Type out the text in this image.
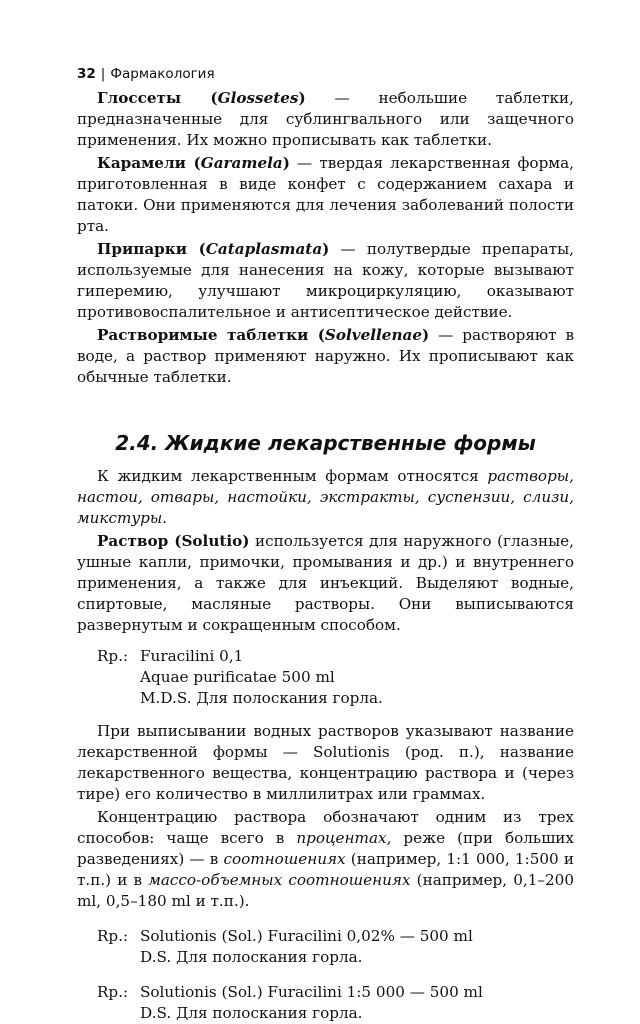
32 | Фармакология

Глоссеты (Glossetes) — небольшие таблетки, предназначенные для сублингвального или защечного применения. Их можно прописывать как таблетки.

Карамели (Garamela) — твердая лекарственная форма, приготовленная в виде конфет с содержанием сахара и патоки. Они применяются для лечения заболеваний полости рта.

Припарки (Cataplasmata) — полутвердые препараты, используемые для нанесения на кожу, которые вызывают гиперемию, улучшают микроциркуляцию, оказывают противовоспалительное и антисептическое действие.

Растворимые таблетки (Solvellenae) — растворяют в воде, а раствор применяют наружно. Их прописывают как обычные таблетки.

2.4. Жидкие лекарственные формы

К жидким лекарственным формам относятся растворы, настои, отвары, настойки, экстракты, суспензии, слизи, микстуры.

Раствор (Solutio) используется для наружного (глазные, ушные капли, примочки, промывания и др.) и внутреннего применения, а также для инъекций. Выделяют водные, спиртовые, масляные растворы. Они выписываются развернутым и сокращенным способом.

Rp.: Furacilini 0,1
Aquae purificatae 500 ml
M.D.S. Для полоскания горла.

При выписывании водных растворов указывают название лекарственной формы — Solutionis (род. п.), название лекарственного вещества, концентрацию раствора и (через тире) его количество в миллилитрах или граммах.

Концентрацию раствора обозначают одним из трех способов: чаще всего в процентах, реже (при больших разведениях) — в соотношениях (например, 1:1 000, 1:500 и т.п.) и в массо-объемных соотношениях (например, 0,1–200 ml, 0,5–180 ml и т.п.).

Rp.: Solutionis (Sol.) Furacilini 0,02% — 500 ml
D.S. Для полоскания горла.
Rp.: Solutionis (Sol.) Furacilini 1:5 000 — 500 ml
D.S. Для полоскания горла.
